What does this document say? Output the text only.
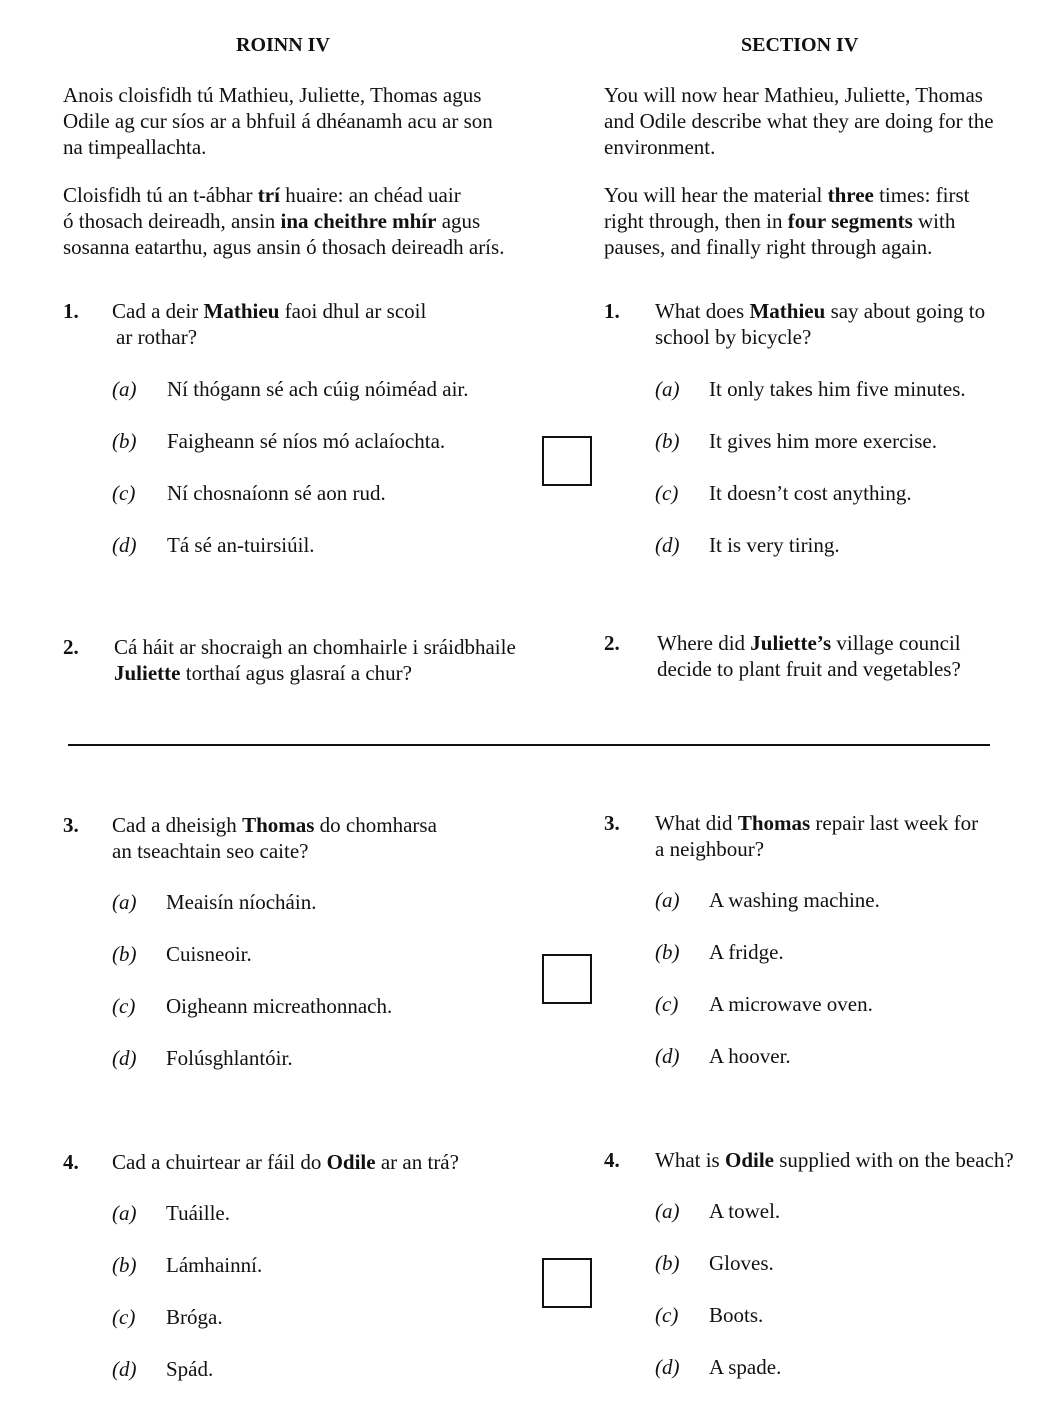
ROINN IV	SECTION IV
Anois cloisfidh tú Mathieu, Juliette, Thomas agus
Odile ag cur síos ar a bhfuil á dhéanamh acu ar son
na timpeallachta.
Cloisfidh tú an t-ábhar trí huaire: an chéad uair
ó thosach deireadh, ansin ina cheithre mhír agus
sosanna eatarthu, agus ansin ó thosach deireadh arís.
You will now hear Mathieu, Juliette, Thomas
and Odile describe what they are doing for the
environment.
You will hear the material three times: first
right through, then in four segments with
pauses, and finally right through again.
1. Cad a deir Mathieu faoi dhul ar scoil
ar rothar?
(a) Ní thógann sé ach cúig nóiméad air.
(b) Faigheann sé níos mó aclaíochta.
(c) Ní chosnaíonn sé aon rud.
(d) Tá sé an-tuirsiúil.
1. What does Mathieu say about going to
school by bicycle?
(a) It only takes him five minutes.
(b) It gives him more exercise.
(c) It doesn’t cost anything.
(d) It is very tiring.
2. Cá háit ar shocraigh an chomhairle i sráidbhaile
Juliette torthaí agus glasraí a chur?
2. Where did Juliette’s village council
decide to plant fruit and vegetables?
3. Cad a dheisigh Thomas do chomharsa
an tseachtain seo caite?
(a) Meaisín níocháin.
(b) Cuisneoir.
(c) Oigheann micreathonnach.
(d) Folúsghlantóir.
3. What did Thomas repair last week for
a neighbour?
(a) A washing machine.
(b) A fridge.
(c) A microwave oven.
(d) A hoover.
4. Cad a chuirtear ar fáil do Odile ar an trá?
(a) Tuáille.
(b) Lámhainní.
(c) Bróga.
(d) Spád.
4. What is Odile supplied with on the beach?
(a) A towel.
(b) Gloves.
(c) Boots.
(d) A spade.
